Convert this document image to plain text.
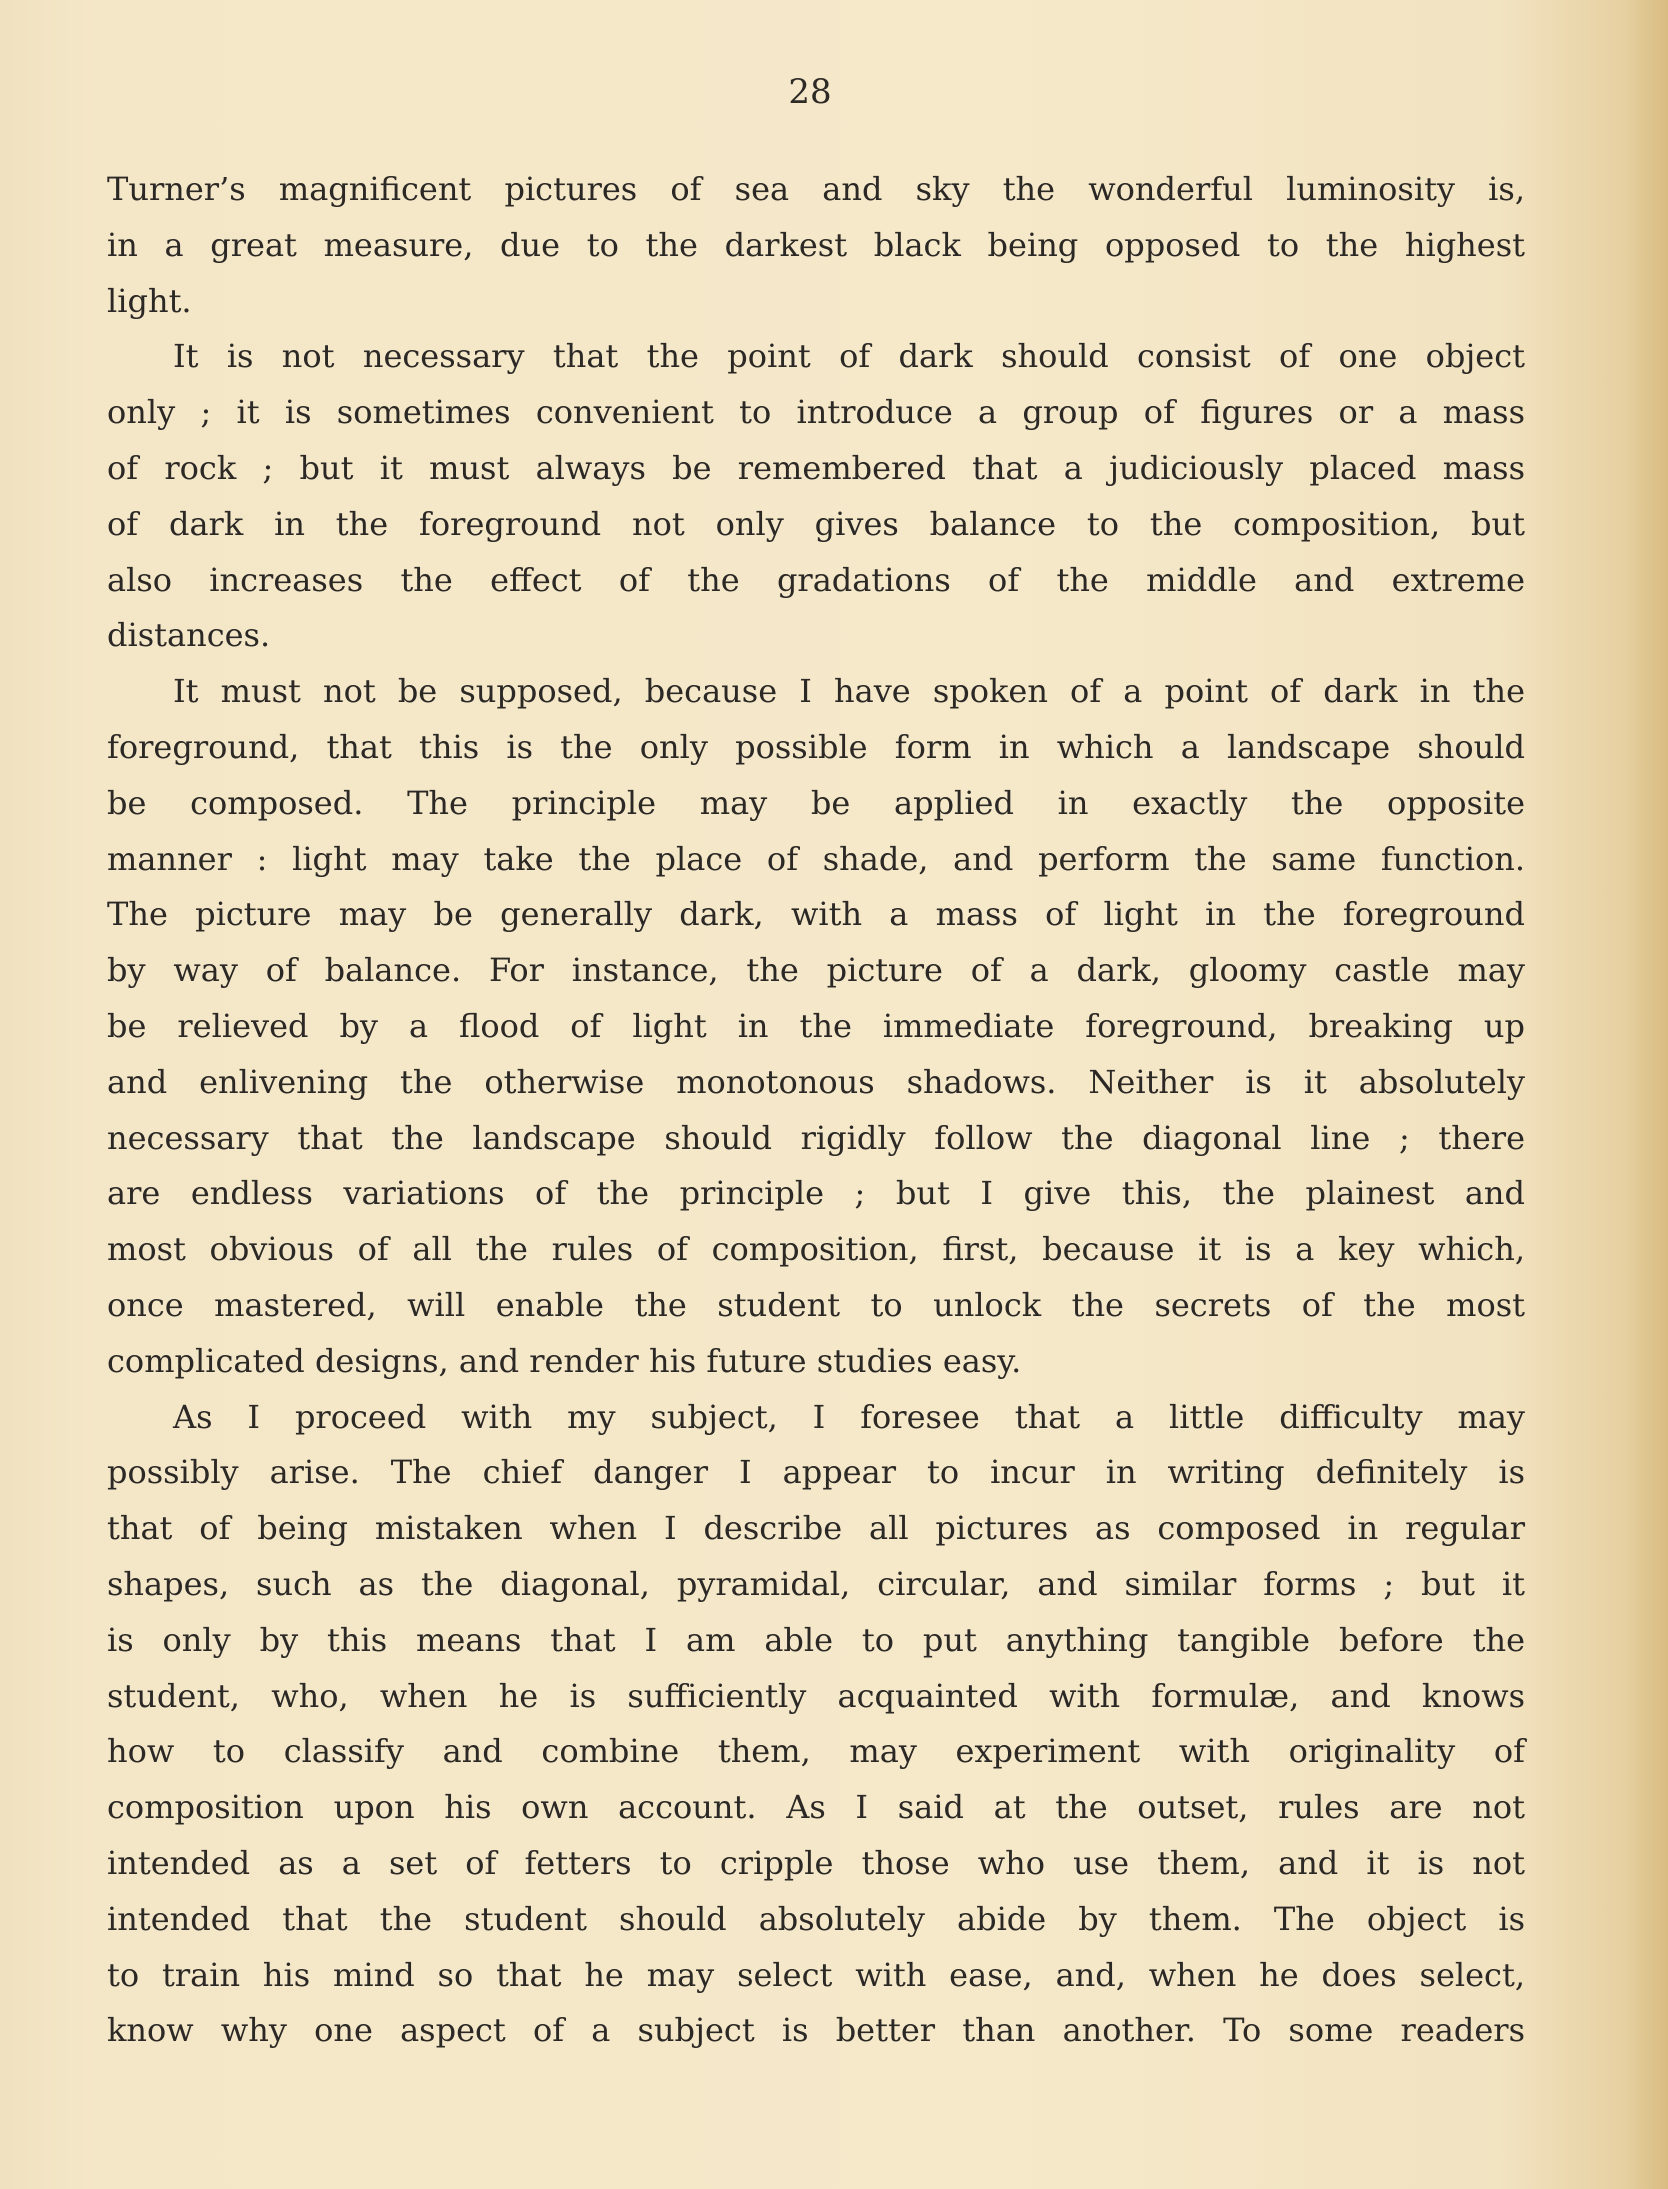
28
Turner’s magnificent pictures of sea and sky the wonderful luminosity is,
in a great measure, due to the darkest black being opposed to the highest
light.
It is not necessary that the point of dark should consist of one object
only ; it is sometimes convenient to introduce a group of figures or a mass
of rock ; but it must always be remembered that a judiciously placed mass
of dark in the foreground not only gives balance to the composition, but
also increases the effect of the gradations of the middle and extreme
distances.
It must not be supposed, because I have spoken of a point of dark in the
foreground, that this is the only possible form in which a landscape should
be composed. The principle may be applied in exactly the opposite
manner : light may take the place of shade, and perform the same function.
The picture may be generally dark, with a mass of light in the foreground
by way of balance. For instance, the picture of a dark, gloomy castle may
be relieved by a flood of light in the immediate foreground, breaking up
and enlivening the otherwise monotonous shadows. Neither is it absolutely
necessary that the landscape should rigidly follow the diagonal line ; there
are endless variations of the principle ; but I give this, the plainest and
most obvious of all the rules of composition, first, because it is a key which,
once mastered, will enable the student to unlock the secrets of the most
complicated designs, and render his future studies easy.
As I proceed with my subject, I foresee that a little difficulty may
possibly arise. The chief danger I appear to incur in writing definitely is
that of being mistaken when I describe all pictures as composed in regular
shapes, such as the diagonal, pyramidal, circular, and similar forms ; but it
is only by this means that I am able to put anything tangible before the
student, who, when he is sufficiently acquainted with formulæ, and knows
how to classify and combine them, may experiment with originality of
composition upon his own account. As I said at the outset, rules are not
intended as a set of fetters to cripple those who use them, and it is not
intended that the student should absolutely abide by them. The object is
to train his mind so that he may select with ease, and, when he does select,
know why one aspect of a subject is better than another. To some readers
